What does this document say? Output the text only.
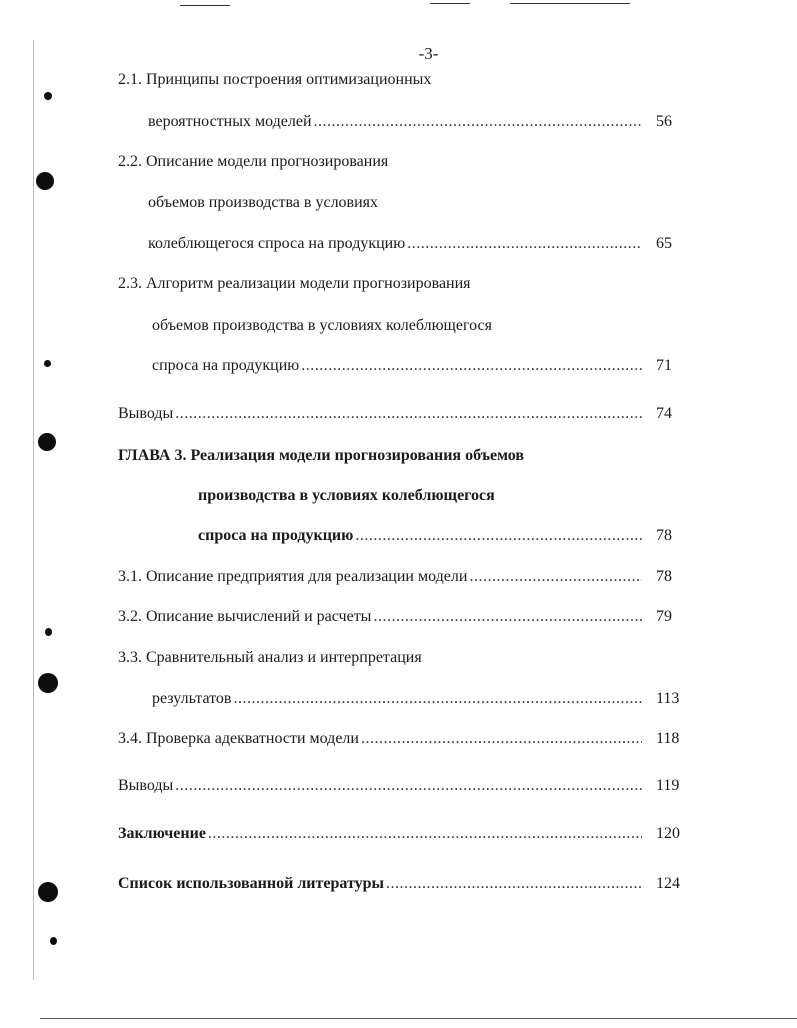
-3-
2.1. Принципы построения оптимизационных
вероятностных моделей .....	56
2.2. Описание модели прогнозирования
объемов производства в условиях
колеблющегося спроса на продукцию .....	65
2.3. Алгоритм реализации модели прогнозирования
объемов производства в условиях колеблющегося
спроса на продукцию .....	71
Выводы .....	74
ГЛАВА 3. Реализация модели прогнозирования объемов
производства в условиях колеблющегося
спроса на продукцию .....	78
3.1. Описание предприятия для реализации модели .....	78
3.2. Описание вычислений и расчеты .....	79
3.3. Сравнительный анализ и интерпретация
результатов .....	113
3.4. Проверка адекватности модели .....	118
Выводы .....	119
Заключение .....	120
Список использованной литературы .....	124
